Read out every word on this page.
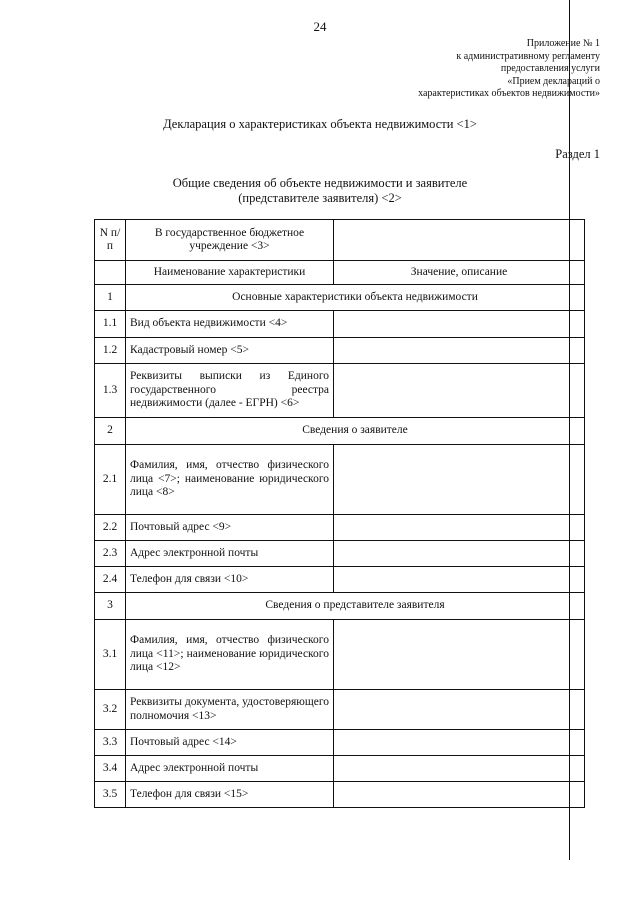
24
Приложение № 1
к административному регламенту
предоставления услуги
«Прием деклараций о
характеристиках объектов недвижимости»
Декларация о характеристиках объекта недвижимости <1>
Раздел 1
Общие сведения об объекте недвижимости и заявителе
(представителе заявителя) <2>
N п/п	В государственное бюджетное учреждение <3>	
	Наименование характеристики	Значение, описание
1	Основные характеристики объекта недвижимости	
1.1	Вид объекта недвижимости <4>	
1.2	Кадастровый номер <5>	
1.3	Реквизиты выписки из Единого государственного реестра недвижимости (далее - ЕГРН) <6>	
2	Сведения о заявителе	
2.1	Фамилия, имя, отчество физического лица <7>; наименование юридического лица <8>	
2.2	Почтовый адрес <9>	
2.3	Адрес электронной почты	
2.4	Телефон для связи <10>	
3	Сведения о представителе заявителя	
3.1	Фамилия, имя, отчество физического лица <11>; наименование юридического лица <12>	
3.2	Реквизиты документа, удостоверяющего полномочия <13>	
3.3	Почтовый адрес <14>	
3.4	Адрес электронной почты	
3.5	Телефон для связи <15>	
